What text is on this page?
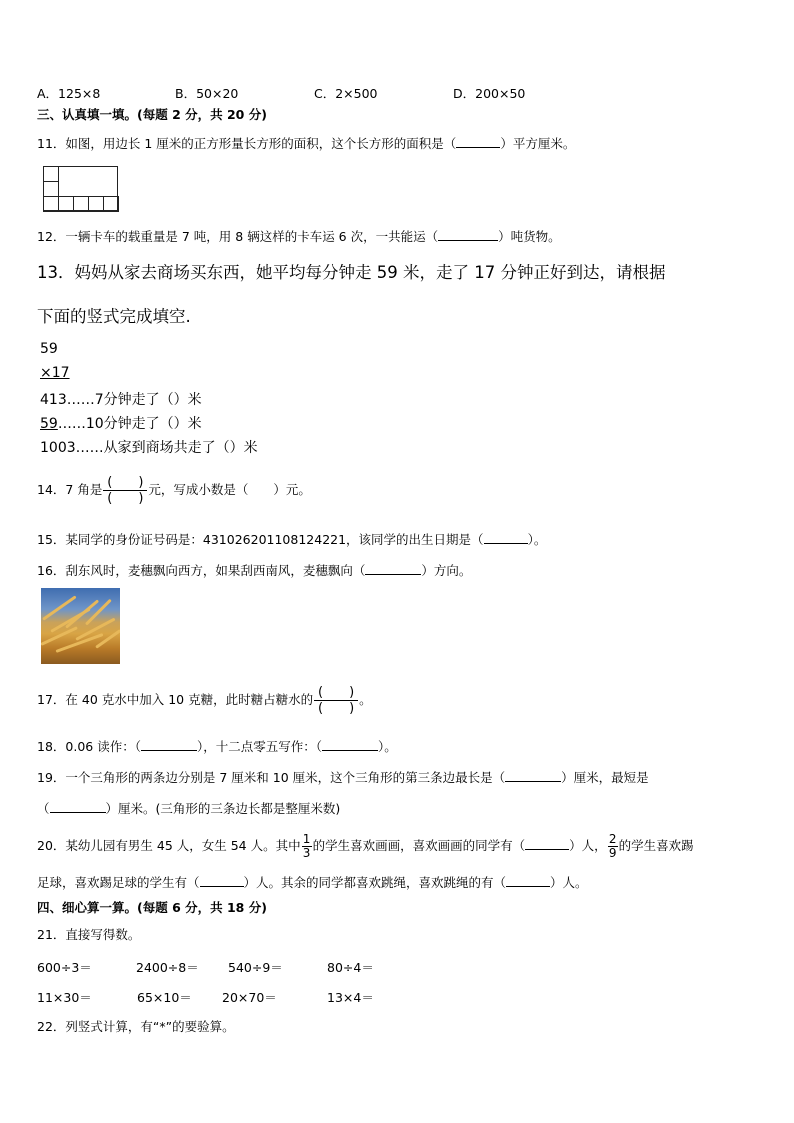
A．125×8	B．50×20	C．2×500	D．200×50
三、认真填一填。(每题 2 分，共 20 分)
11．如图，用边长 1 厘米的正方形量长方形的面积，这个长方形的面积是（	）平方厘米。
12．一辆卡车的载重量是 7 吨，用 8 辆这样的卡车运 6 次，一共能运（	）吨货物。
13．妈妈从家去商场买东西，她平均每分钟走 59 米，走了 17 分钟正好到达，请根据
下面的竖式完成填空.
59
×17
413……7分钟走了（）米
59……10分钟走了（）米
1003……从家到商场共走了（）米
14．7 角是 $\frac{( )}{( )}$ 元，写成小数是（　　）元。
15．某同学的身份证号码是：431026201108124221，该同学的出生日期是（	）。
16．刮东风时，麦穗飘向西方，如果刮西南风，麦穗飘向（	）方向。
17．在 40 克水中加入 10 克糖，此时糖占糖水的 $\frac{( )}{( )}$ 。
18．0.06 读作：（	），十二点零五写作：（	）。
19．一个三角形的两条边分别是 7 厘米和 10 厘米，这个三角形的第三条边最长是（	）厘米，最短是
（	）厘米。(三角形的三条边长都是整厘米数)
20．某幼儿园有男生 45 人，女生 54 人。其中 $\frac{1}{3}$ 的学生喜欢画画，喜欢画画的同学有（	）人， $\frac{2}{9}$ 的学生喜欢踢
足球，喜欢踢足球的学生有（	）人。其余的同学都喜欢跳绳，喜欢跳绳的有（	）人。
四、细心算一算。(每题 6 分，共 18 分)
21．直接写得数。
600÷3＝	2400÷8＝ 540÷9＝	80÷4＝
11×30＝	65×10＝ 20×70＝	13×4＝
22．列竖式计算，有“*”的要验算。
